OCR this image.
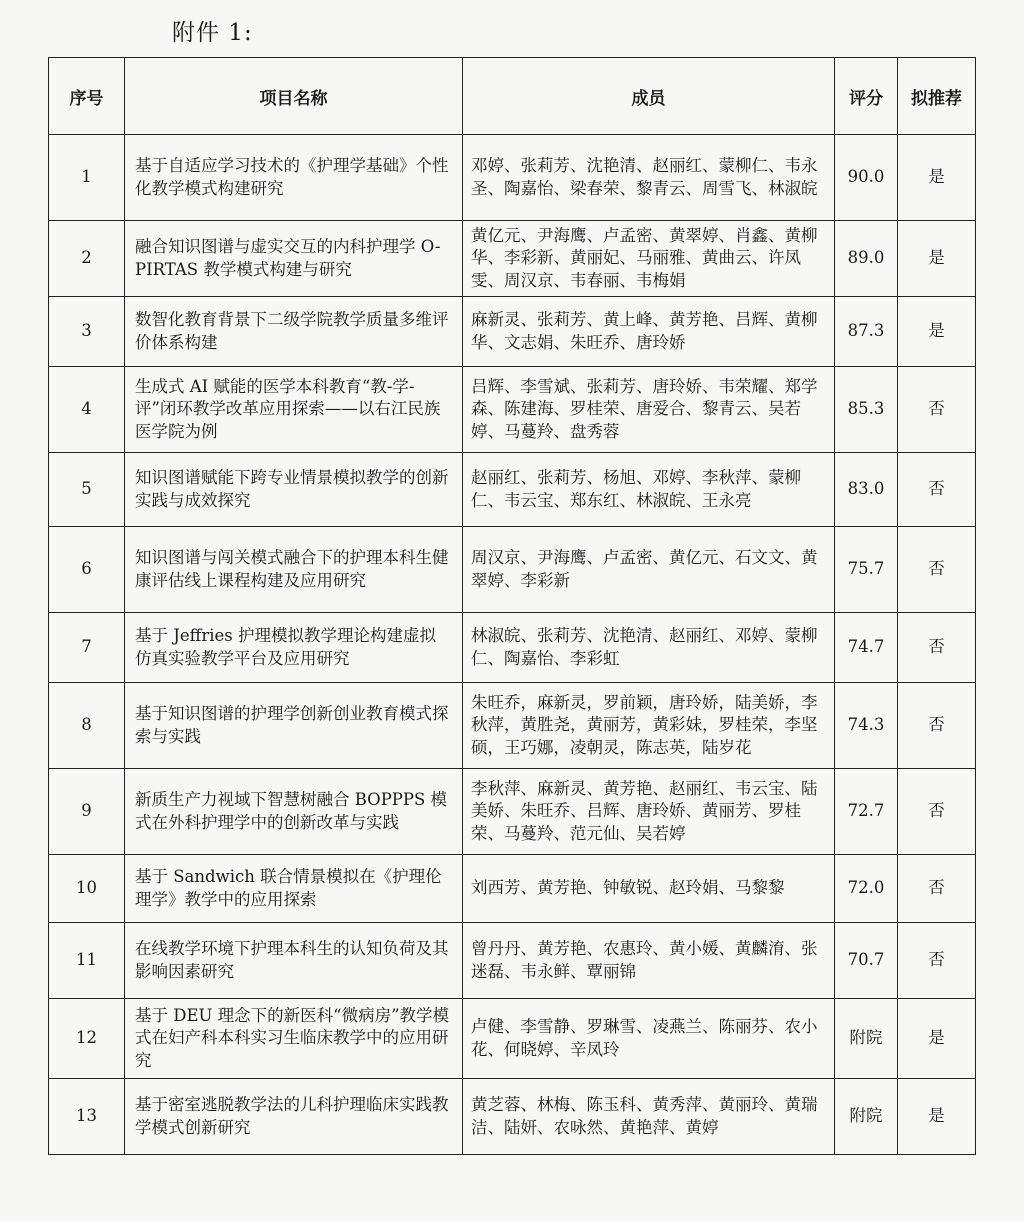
附件 1:
序号	项目名称	成员	评分	拟推荐
1	基于自适应学习技术的《护理学基础》个性化教学模式构建研究	邓婷、张莉芳、沈艳清、赵丽红、蒙柳仁、韦永圣、陶嘉怡、梁春荣、黎青云、周雪飞、林淑皖	90.0	是
2	融合知识图谱与虚实交互的内科护理学 O-PIRTAS 教学模式构建与研究	黄亿元、尹海鹰、卢孟密、黄翠婷、肖鑫、黄柳华、李彩新、黄丽妃、马丽雅、黄曲云、许凤雯、周汉京、韦春丽、韦梅娟	89.0	是
3	数智化教育背景下二级学院教学质量多维评价体系构建	麻新灵、张莉芳、黄上峰、黄芳艳、吕辉、黄柳华、文志娟、朱旺乔、唐玲娇	87.3	是
4	生成式 AI 赋能的医学本科教育“教-学-评”闭环教学改革应用探索——以右江民族医学院为例	吕辉、李雪斌、张莉芳、唐玲娇、韦荣耀、郑学森、陈建海、罗桂荣、唐爱合、黎青云、吴若婷、马蔓羚、盘秀蓉	85.3	否
5	知识图谱赋能下跨专业情景模拟教学的创新实践与成效探究	赵丽红、张莉芳、杨旭、邓婷、李秋萍、蒙柳仁、韦云宝、郑东红、林淑皖、王永亮	83.0	否
6	知识图谱与闯关模式融合下的护理本科生健康评估线上课程构建及应用研究	周汉京、尹海鹰、卢孟密、黄亿元、石文文、黄翠婷、李彩新	75.7	否
7	基于 Jeffries 护理模拟教学理论构建虚拟仿真实验教学平台及应用研究	林淑皖、张莉芳、沈艳清、赵丽红、邓婷、蒙柳仁、陶嘉怡、李彩虹	74.7	否
8	基于知识图谱的护理学创新创业教育模式探索与实践	朱旺乔，麻新灵，罗前颖，唐玲娇，陆美娇，李秋萍，黄胜尧，黄丽芳，黄彩妹，罗桂荣，李坚硕，王巧娜，凌朝灵，陈志英，陆岁花	74.3	否
9	新质生产力视域下智慧树融合 BOPPPS 模式在外科护理学中的创新改革与实践	李秋萍、麻新灵、黄芳艳、赵丽红、韦云宝、陆美娇、朱旺乔、吕辉、唐玲娇、黄丽芳、罗桂荣、马蔓羚、范元仙、吴若婷	72.7	否
10	基于 Sandwich 联合情景模拟在《护理伦理学》教学中的应用探索	刘西芳、黄芳艳、钟敏锐、赵玲娟、马黎黎	72.0	否
11	在线教学环境下护理本科生的认知负荷及其影响因素研究	曾丹丹、黄芳艳、农惠玲、黄小媛、黄麟淯、张迷磊、韦永鲜、覃丽锦	70.7	否
12	基于 DEU 理念下的新医科“微病房”教学模式在妇产科本科实习生临床教学中的应用研究	卢健、李雪静、罗琳雪、凌燕兰、陈丽芬、农小花、何晓婷、辛凤玲	附院	是
13	基于密室逃脱教学法的儿科护理临床实践教学模式创新研究	黄芝蓉、林梅、陈玉科、黄秀萍、黄丽玲、黄瑞洁、陆妍、农咏然、黄艳萍、黄婷	附院	是
